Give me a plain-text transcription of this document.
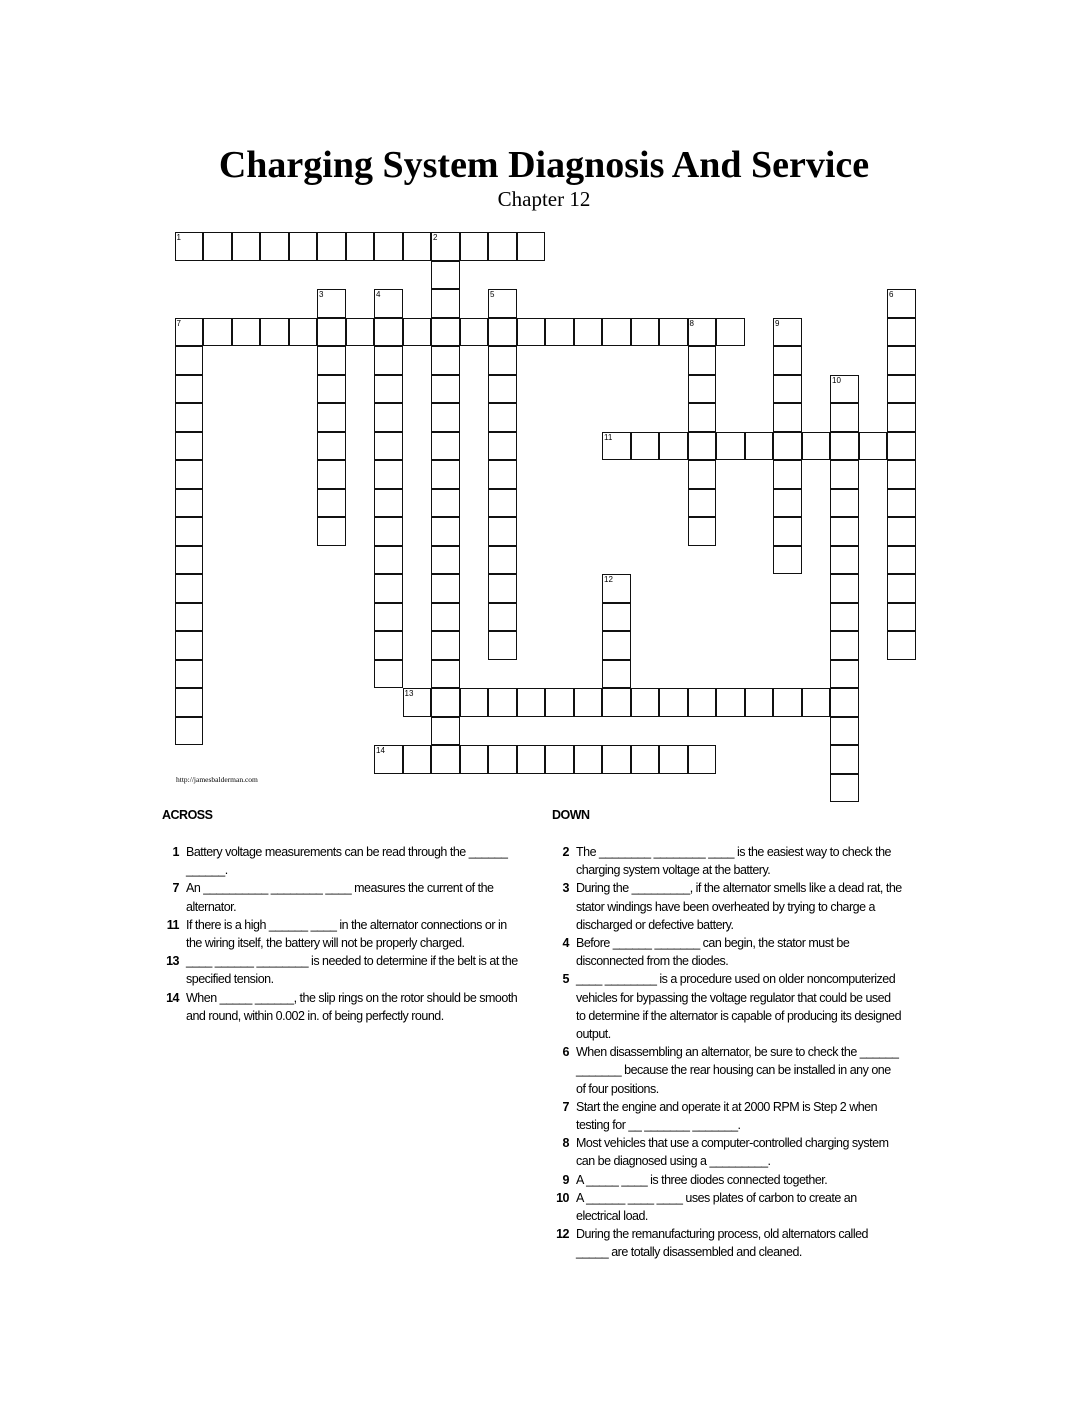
Charging System Diagnosis And Service
Chapter 12
1	2
3	4	5	6
7	8	9
10
11
12
13
14
http://jamesbalderman.com
ACROSS
1 Battery voltage measurements can be read through the ______ ______.
7 An __________ ________ ____ measures the current of the alternator.
11 If there is a high ______ ____ in the alternator connections or in the wiring itself, the battery will not be properly charged.
13 ____ ______ ________ is needed to determine if the belt is at the specified tension.
14 When _____ ______, the slip rings on the rotor should be smooth and round, within 0.002 in. of being perfectly round.
DOWN
2 The ________ ________ ____ is the easiest way to check the charging system voltage at the battery.
3 During the _________, if the alternator smells like a dead rat, the stator windings have been overheated by trying to charge a discharged or defective battery.
4 Before ______ _______ can begin, the stator must be disconnected from the diodes.
5 ____ ________ is a procedure used on older noncomputerized vehicles for bypassing the voltage regulator that could be used to determine if the alternator is capable of producing its designed output.
6 When disassembling an alternator, be sure to check the ______ _______ because the rear housing can be installed in any one of four positions.
7 Start the engine and operate it at 2000 RPM is Step 2 when testing for __ _______ _______.
8 Most vehicles that use a computer-controlled charging system can be diagnosed using a _________.
9 A _____ ____ is three diodes connected together.
10 A ______ ____ ____ uses plates of carbon to create an electrical load.
12 During the remanufacturing process, old alternators called _____ are totally disassembled and cleaned.
